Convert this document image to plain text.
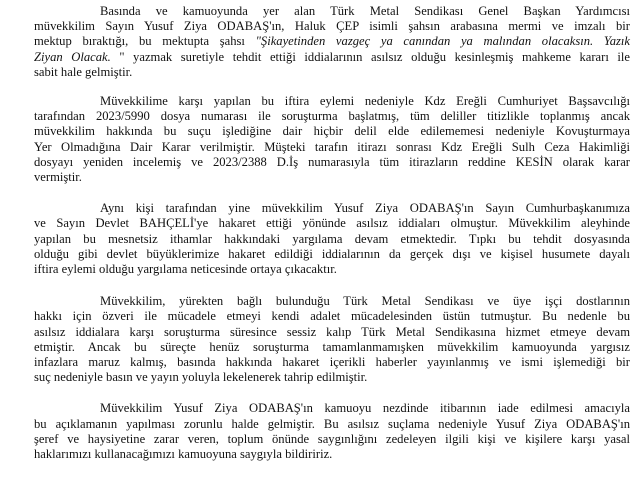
Basında ve kamuoyunda yer alan Türk Metal Sendikası Genel Başkan Yardımcısı
müvekkilim Sayın Yusuf Ziya ODABAŞ'ın, Haluk ÇEP isimli şahsın arabasına mermi ve imzalı bir
mektup bıraktığı, bu mektupta şahsı "Şikayetinden vazgeç ya canından ya malından olacaksın. Yazık
Ziyan Olacak. " yazmak suretiyle tehdit ettiği iddialarının asılsız olduğu kesinleşmiş mahkeme kararı ile
sabit hale gelmiştir.

Müvekkilime karşı yapılan bu iftira eylemi nedeniyle Kdz Ereğli Cumhuriyet Başsavcılığı
tarafından 2023/5990 dosya numarası ile soruşturma başlatmış, tüm deliller titizlikle toplanmış ancak
müvekkilim hakkında bu suçu işlediğine dair hiçbir delil elde edilememesi nedeniyle Kovuşturmaya
Yer Olmadığına Dair Karar verilmiştir. Müşteki tarafın itirazı sonrası Kdz Ereğli Sulh Ceza Hakimliği
dosyayı yeniden incelemiş ve 2023/2388 D.İş numarasıyla tüm itirazların reddine KESİN olarak karar
vermiştir.

Aynı kişi tarafından yine müvekkilim Yusuf Ziya ODABAŞ'ın Sayın Cumhurbaşkanımıza
ve Sayın Devlet BAHÇELİ'ye hakaret ettiği yönünde asılsız iddiaları olmuştur. Müvekkilim aleyhinde
yapılan bu mesnetsiz ithamlar hakkındaki yargılama devam etmektedir. Tıpkı bu tehdit dosyasında
olduğu gibi devlet büyüklerimize hakaret edildiği iddialarının da gerçek dışı ve kişisel husumete dayalı
iftira eylemi olduğu yargılama neticesinde ortaya çıkacaktır.

Müvekkilim, yürekten bağlı bulunduğu Türk Metal Sendikası ve üye işçi dostlarının
hakkı için özveri ile mücadele etmeyi kendi adalet mücadelesinden üstün tutmuştur. Bu nedenle bu
asılsız iddialara karşı soruşturma süresince sessiz kalıp Türk Metal Sendikasına hizmet etmeye devam
etmiştir. Ancak bu süreçte henüz soruşturma tamamlanmamışken müvekkilim kamuoyunda yargısız
infazlara maruz kalmış, basında hakkında hakaret içerikli haberler yayınlanmış ve ismi işlemediği bir
suç nedeniyle basın ve yayın yoluyla lekelenerek tahrip edilmiştir.

Müvekkilim Yusuf Ziya ODABAŞ'ın kamuoyu nezdinde itibarının iade edilmesi amacıyla
bu açıklamanın yapılması zorunlu halde gelmiştir. Bu asılsız suçlama nedeniyle Yusuf Ziya ODABAŞ'ın
şeref ve haysiyetine zarar veren, toplum önünde saygınlığını zedeleyen ilgili kişi ve kişilere karşı yasal
haklarımızı kullanacağımızı kamuoyuna saygıyla bildiririz.
